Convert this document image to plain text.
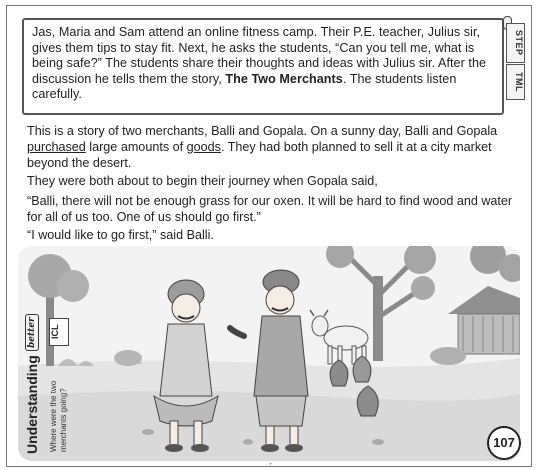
Jas, Maria and Sam attend an online fitness camp. Their P.E. teacher, Julius sir, gives them tips to stay fit. Next, he asks the students, “Can you tell me, what is being safe?” The students share their thoughts and ideas with Julius sir. After the discussion he tells them the story, The Two Merchants. The students listen carefully.
STEP
TML
This is a story of two merchants, Balli and Gopala. On a sunny day, Balli and Gopala purchased large amounts of goods. They had both planned to sell it at a city market beyond the desert.
They were both about to begin their journey when Gopala said,
“Balli, there will not be enough grass for our oxen. It will be hard to find wood and water for all of us too. One of us should go first.”
“I would like to go first,” said Balli.
Understanding
better ICL
Where were the two merchants going?	107
+
